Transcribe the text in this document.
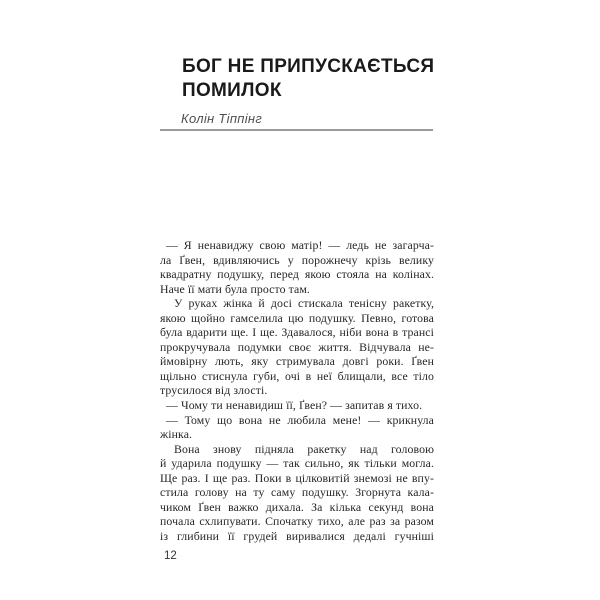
БОГ НЕ ПРИПУСКАЄТЬСЯ
ПОМИЛОК
Колін Тіппінг
— Я ненавиджу свою матір! — ледь не загарча-
ла Ґвен, вдивляючись у порожнечу крізь велику
квадратну подушку, перед якою стояла на колінах.
Наче її мати була просто там.
У руках жінка й досі стискала тенісну ракетку,
якою щойно гамселила цю подушку. Певно, готова
була вдарити ще. І ще. Здавалося, ніби вона в трансі
прокручувала подумки своє життя. Відчувала не-
ймовірну лють, яку стримувала довгі роки. Ґвен
щільно стиснула губи, очі в неї блищали, все тіло
трусилося від злості.
— Чому ти ненавидиш її, Ґвен? — запитав я тихо.
— Тому що вона не любила мене! — крикнула
жінка.
Вона знову підняла ракетку над головою
й ударила подушку — так сильно, як тільки могла.
Ще раз. І ще раз. Поки в цілковитій знемозі не впу-
стила голову на ту саму подушку. Згорнута кала-
чиком Ґвен важко дихала. За кілька секунд вона
почала схлипувати. Спочатку тихо, але раз за разом
із глибини її грудей виривалися дедалі гучніші
12
